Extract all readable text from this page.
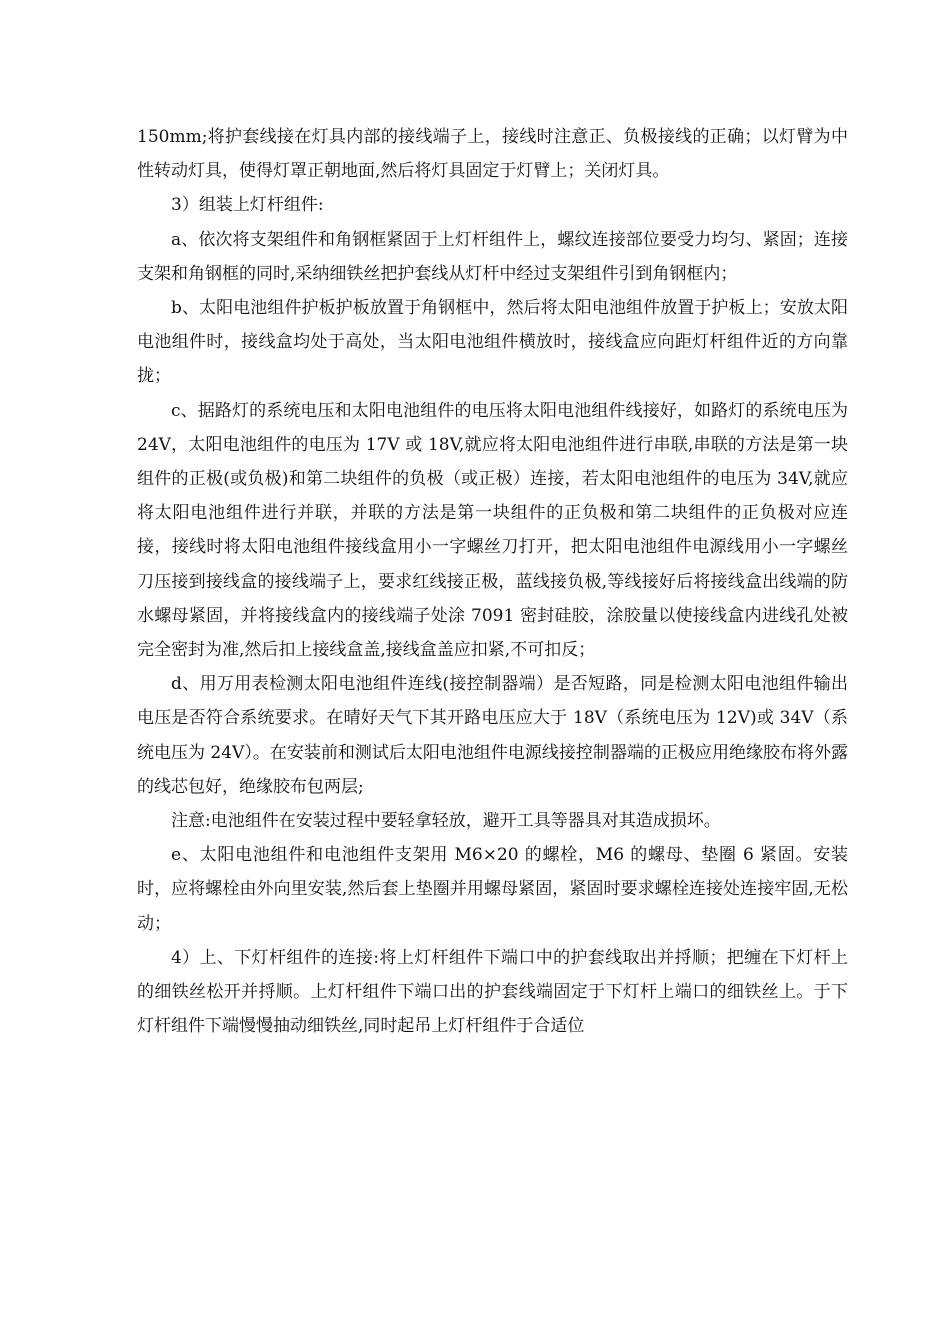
150mm;将护套线接在灯具内部的接线端子上，接线时注意正、负极接线的正确；以灯臂为中性转动灯具，使得灯罩正朝地面,然后将灯具固定于灯臂上；关闭灯具。

3）组装上灯杆组件:

a、依次将支架组件和角钢框紧固于上灯杆组件上，螺纹连接部位要受力均匀、紧固；连接支架和角钢框的同时,采纳细铁丝把护套线从灯杆中经过支架组件引到角钢框内；

b、太阳电池组件护板护板放置于角钢框中，然后将太阳电池组件放置于护板上；安放太阳电池组件时，接线盒均处于高处，当太阳电池组件横放时，接线盒应向距灯杆组件近的方向靠拢；

c、据路灯的系统电压和太阳电池组件的电压将太阳电池组件线接好，如路灯的系统电压为 24V，太阳电池组件的电压为 17V 或 18V,就应将太阳电池组件进行串联,串联的方法是第一块组件的正极(或负极)和第二块组件的负极（或正极）连接，若太阳电池组件的电压为 34V,就应将太阳电池组件进行并联，并联的方法是第一块组件的正负极和第二块组件的正负极对应连接，接线时将太阳电池组件接线盒用小一字螺丝刀打开，把太阳电池组件电源线用小一字螺丝刀压接到接线盒的接线端子上，要求红线接正极，蓝线接负极,等线接好后将接线盒出线端的防水螺母紧固，并将接线盒内的接线端子处涂 7091 密封硅胶，涂胶量以使接线盒内进线孔处被完全密封为准,然后扣上接线盒盖,接线盒盖应扣紧,不可扣反；

d、用万用表检测太阳电池组件连线(接控制器端）是否短路，同是检测太阳电池组件输出电压是否符合系统要求。在晴好天气下其开路电压应大于 18V（系统电压为 12V)或 34V（系统电压为 24V）。在安装前和测试后太阳电池组件电源线接控制器端的正极应用绝缘胶布将外露的线芯包好，绝缘胶布包两层;

注意:电池组件在安装过程中要轻拿轻放，避开工具等器具对其造成损坏。

e、太阳电池组件和电池组件支架用 M6×20 的螺栓，M6 的螺母、垫圈 6 紧固。安装时，应将螺栓由外向里安装,然后套上垫圈并用螺母紧固，紧固时要求螺栓连接处连接牢固,无松动；

4）上、下灯杆组件的连接:将上灯杆组件下端口中的护套线取出并捋顺；把缠在下灯杆上的细铁丝松开并捋顺。上灯杆组件下端口出的护套线端固定于下灯杆上端口的细铁丝上。于下灯杆组件下端慢慢抽动细铁丝,同时起吊上灯杆组件于合适位
